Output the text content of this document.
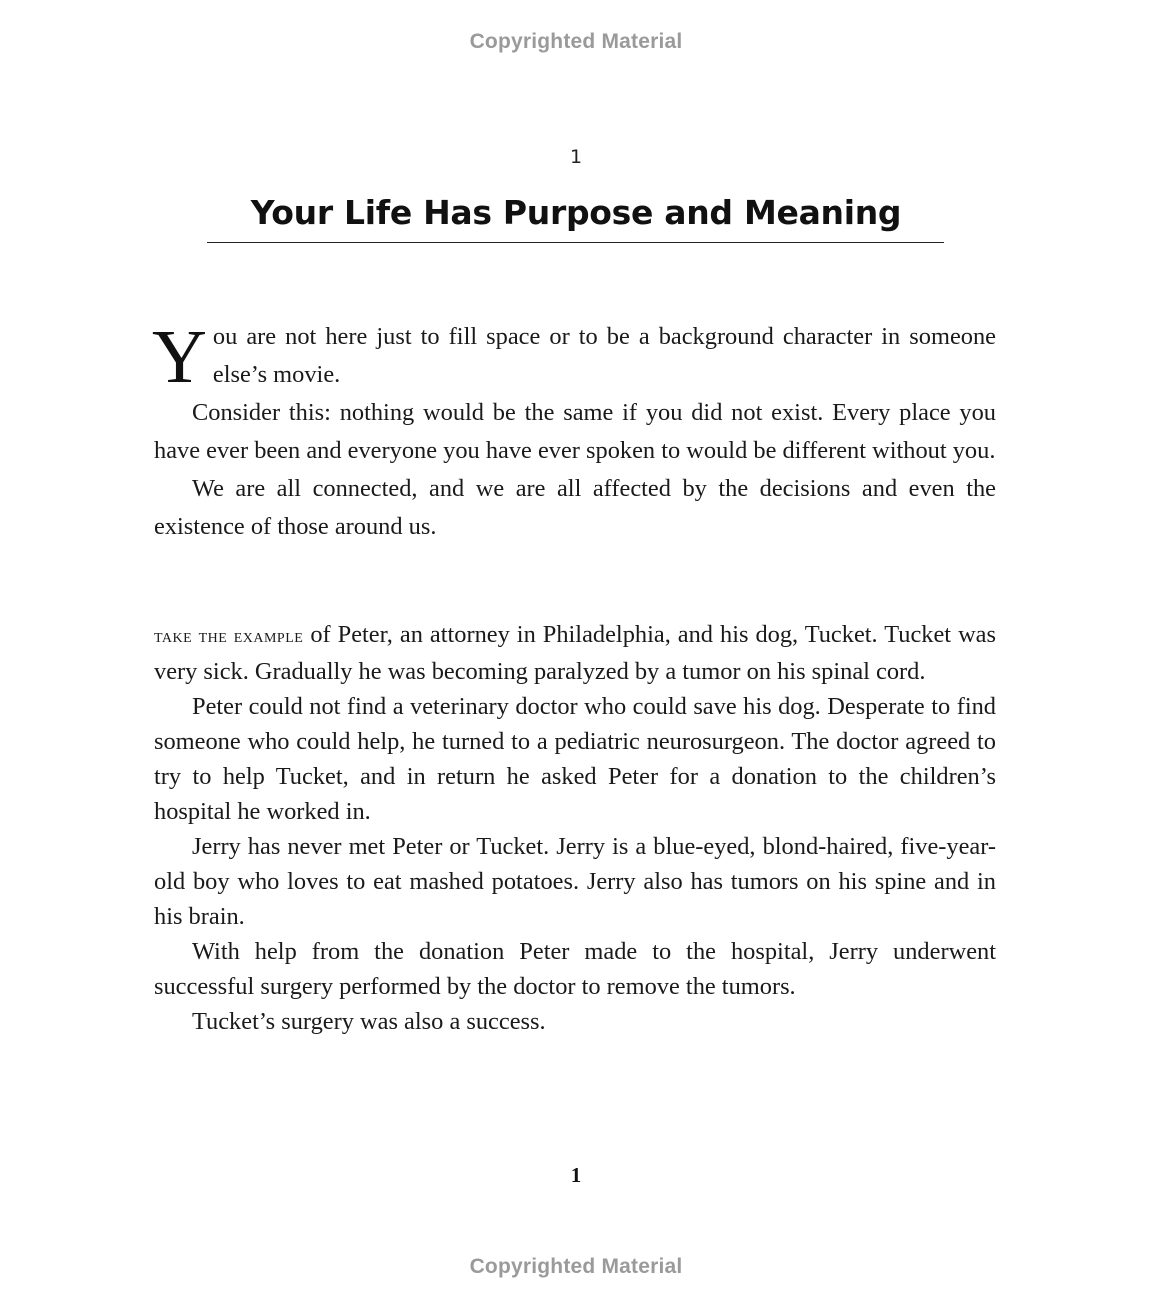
Copyrighted Material
1
Your Life Has Purpose and Meaning

You are not here just to fill space or to be a background character in someone else’s movie.

Consider this: nothing would be the same if you did not exist. Every place you have ever been and everyone you have ever spoken to would be different without you.

We are all connected, and we are all affected by the decisions and even the existence of those around us.

take the example of Peter, an attorney in Philadelphia, and his dog, Tucket. Tucket was very sick. Gradually he was becoming paralyzed by a tumor on his spinal cord.

Peter could not find a veterinary doctor who could save his dog. Desperate to find someone who could help, he turned to a pediatric neurosurgeon. The doctor agreed to try to help Tucket, and in return he asked Peter for a donation to the children’s hospital he worked in.

Jerry has never met Peter or Tucket. Jerry is a blue-eyed, blond-haired, five-year-old boy who loves to eat mashed potatoes. Jerry also has tumors on his spine and in his brain.

With help from the donation Peter made to the hospital, Jerry underwent successful surgery performed by the doctor to remove the tumors.

Tucket’s surgery was also a success.

1
Copyrighted Material
